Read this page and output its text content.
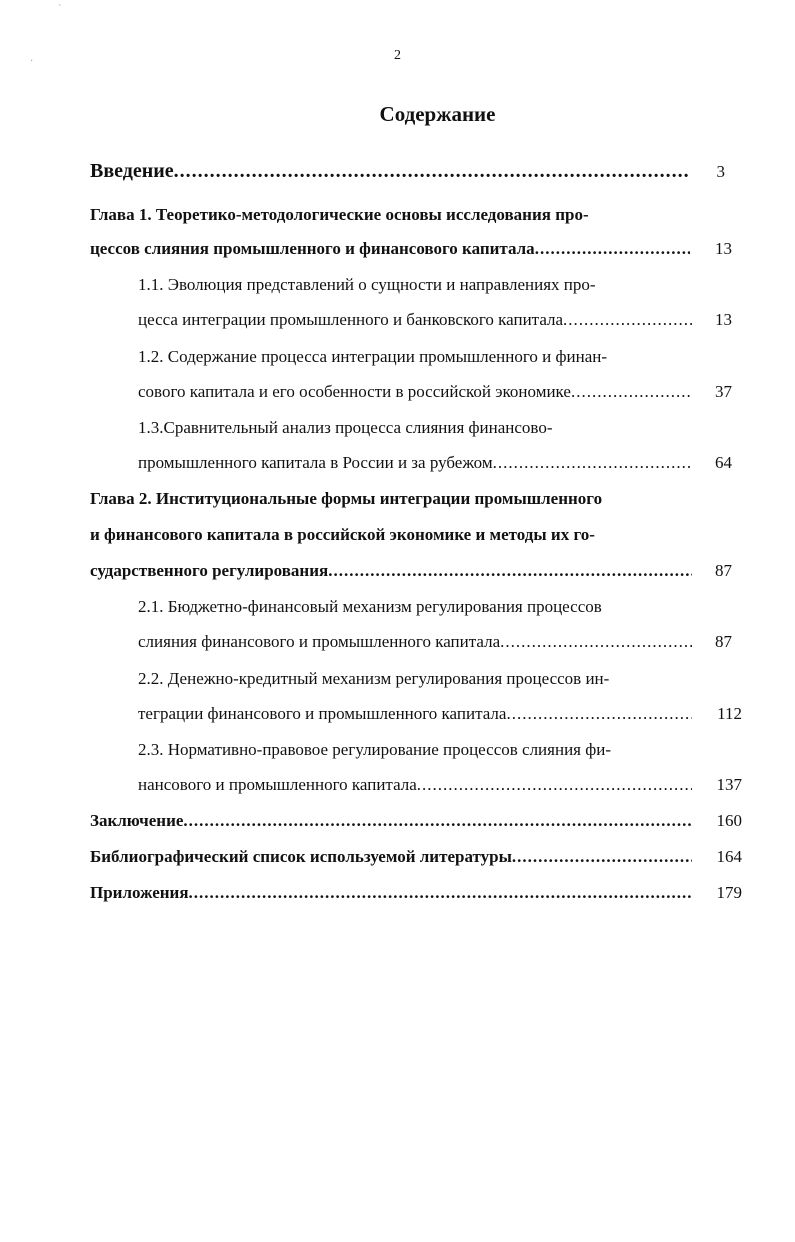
2
Содержание
Введение .....	3
Глава 1. Теоретико-методологические основы исследования про-
цессов слияния промышленного и финансового капитала .....	13
1.1. Эволюция представлений о сущности и направлениях про-
цесса интеграции промышленного и банковского капитала .....	13
1.2. Содержание процесса интеграции промышленного и финан-
сового капитала и его особенности в российской экономике .....	37
1.3.Сравнительный анализ процесса слияния финансово-
промышленного капитала в России и за рубежом .....	64
Глава 2. Институциональные формы интеграции промышленного
и финансового капитала в российской экономике и методы их го-
сударственного регулирования .....	87
2.1. Бюджетно-финансовый механизм регулирования процессов
слияния финансового и промышленного капитала .....	87
2.2. Денежно-кредитный механизм регулирования процессов ин-
теграции финансового и промышленного капитала .....	112
2.3. Нормативно-правовое регулирование процессов слияния фи-
нансового и промышленного капитала .....	137
Заключение .....	160
Библиографический список используемой литературы .....	164
Приложения .....	179
ˋ
·
